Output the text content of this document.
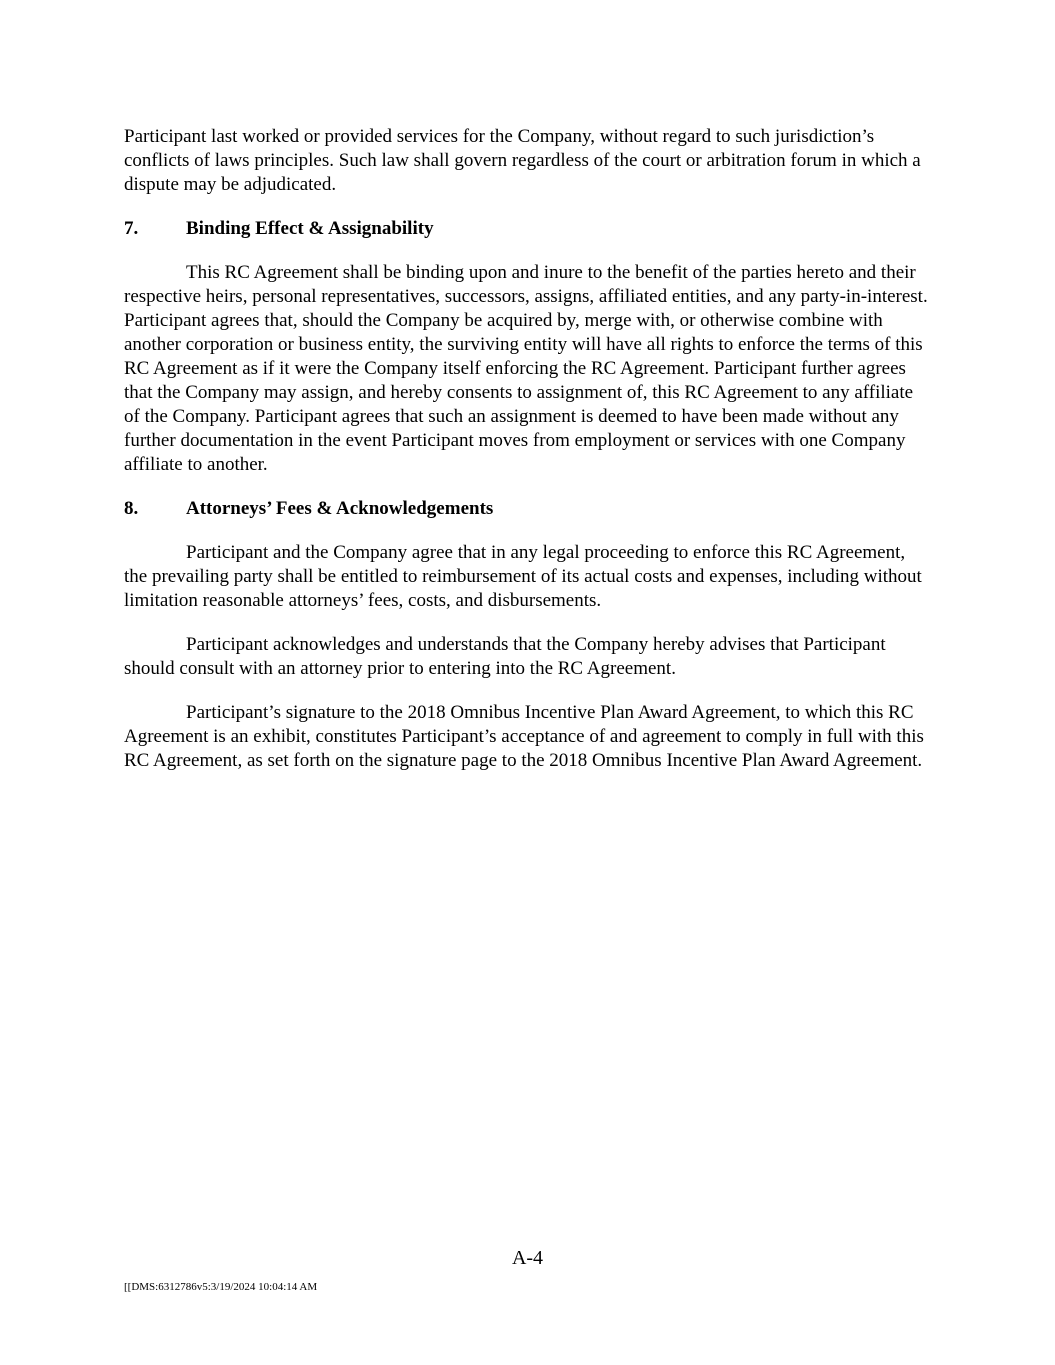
Participant last worked or provided services for the Company, without regard to such jurisdiction’s conflicts of laws principles. Such law shall govern regardless of the court or arbitration forum in which a dispute may be adjudicated.

7.	Binding Effect & Assignability

This RC Agreement shall be binding upon and inure to the benefit of the parties hereto and their respective heirs, personal representatives, successors, assigns, affiliated entities, and any party-in-interest. Participant agrees that, should the Company be acquired by, merge with, or otherwise combine with another corporation or business entity, the surviving entity will have all rights to enforce the terms of this RC Agreement as if it were the Company itself enforcing the RC Agreement. Participant further agrees that the Company may assign, and hereby consents to assignment of, this RC Agreement to any affiliate of the Company. Participant agrees that such an assignment is deemed to have been made without any further documentation in the event Participant moves from employment or services with one Company affiliate to another.

8.	Attorneys’ Fees & Acknowledgements

Participant and the Company agree that in any legal proceeding to enforce this RC Agreement, the prevailing party shall be entitled to reimbursement of its actual costs and expenses, including without limitation reasonable attorneys’ fees, costs, and disbursements.

Participant acknowledges and understands that the Company hereby advises that Participant should consult with an attorney prior to entering into the RC Agreement.

Participant’s signature to the 2018 Omnibus Incentive Plan Award Agreement, to which this RC Agreement is an exhibit, constitutes Participant’s acceptance of and agreement to comply in full with this RC Agreement, as set forth on the signature page to the 2018 Omnibus Incentive Plan Award Agreement.

A-4
[[DMS:6312786v5:3/19/2024 10:04:14 AM
